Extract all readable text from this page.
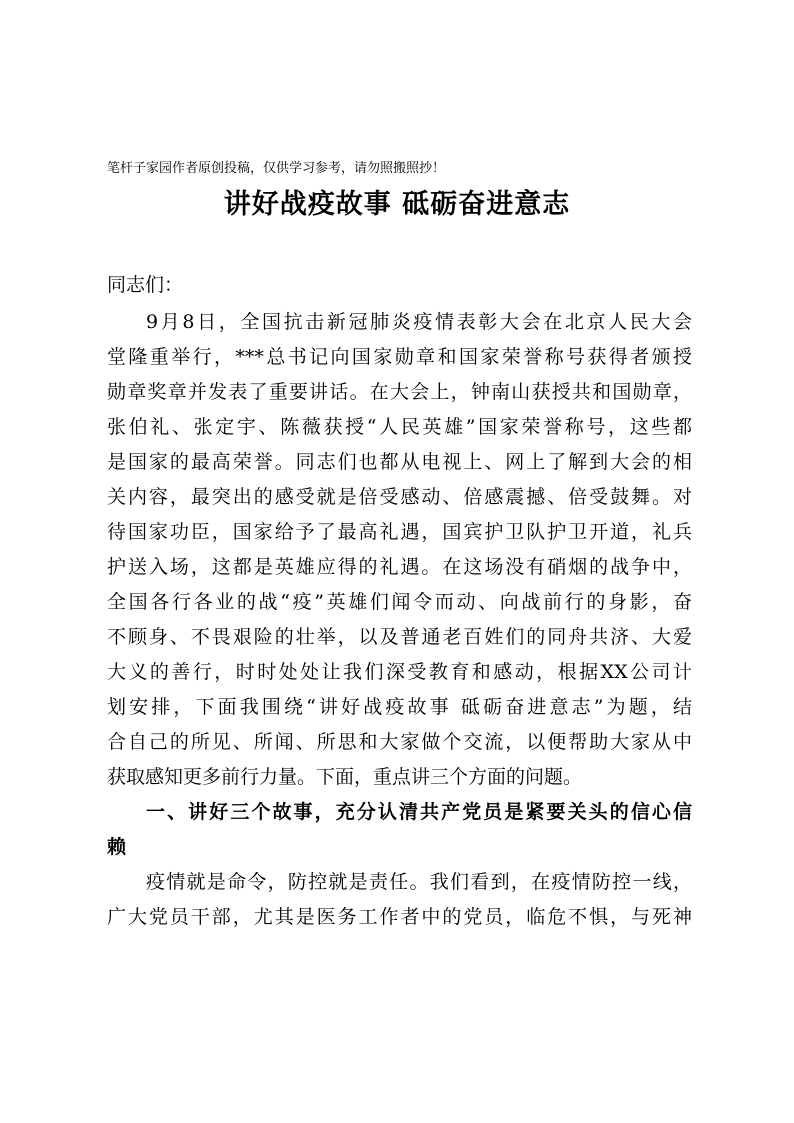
笔杆子家园作者原创投稿，仅供学习参考，请勿照搬照抄！
讲好战疫故事 砥砺奋进意志
同志们：
9月8日，全国抗击新冠肺炎疫情表彰大会在北京人民大会
堂隆重举行，***总书记向国家勋章和国家荣誉称号获得者颁授
勋章奖章并发表了重要讲话。在大会上，钟南山获授共和国勋章，
张伯礼、张定宇、陈薇获授“人民英雄”国家荣誉称号，这些都
是国家的最高荣誉。同志们也都从电视上、网上了解到大会的相
关内容，最突出的感受就是倍受感动、倍感震撼、倍受鼓舞。对
待国家功臣，国家给予了最高礼遇，国宾护卫队护卫开道，礼兵
护送入场，这都是英雄应得的礼遇。在这场没有硝烟的战争中，
全国各行各业的战“疫”英雄们闻令而动、向战前行的身影，奋
不顾身、不畏艰险的壮举，以及普通老百姓们的同舟共济、大爱
大义的善行，时时处处让我们深受教育和感动，根据XX公司计
划安排，下面我围绕“讲好战疫故事 砥砺奋进意志”为题，结
合自己的所见、所闻、所思和大家做个交流，以便帮助大家从中
获取感知更多前行力量。下面，重点讲三个方面的问题。
一、讲好三个故事，充分认清共产党员是紧要关头的信心信
赖
疫情就是命令，防控就是责任。我们看到，在疫情防控一线，
广大党员干部，尤其是医务工作者中的党员，临危不惧，与死神
